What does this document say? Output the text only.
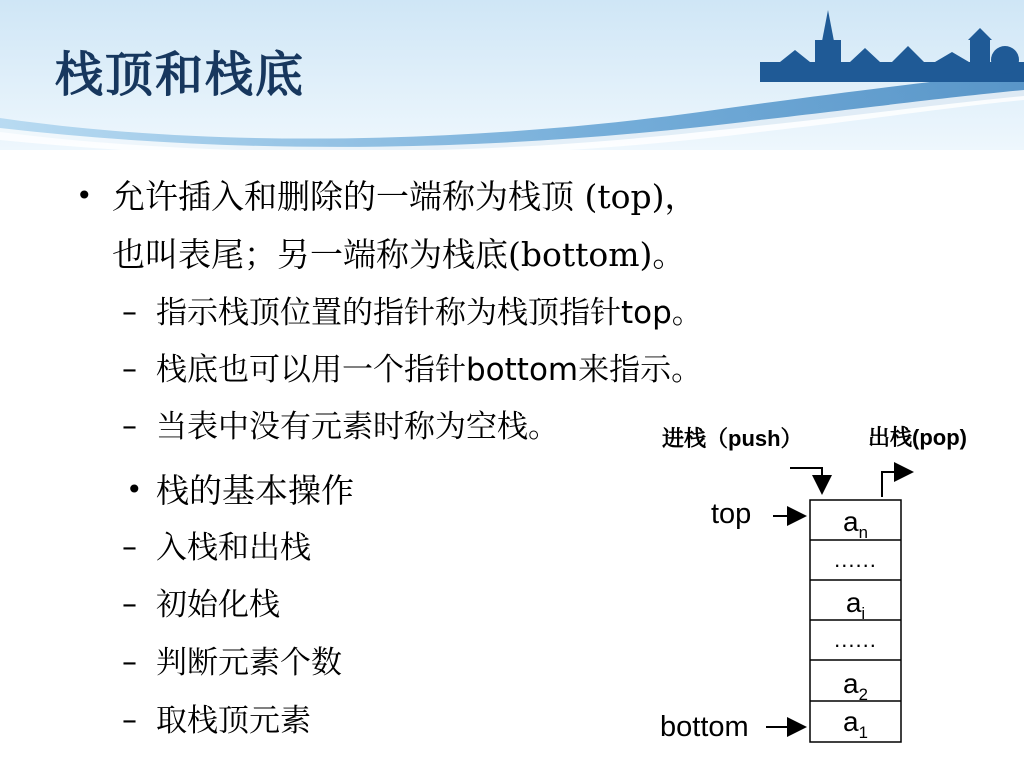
栈顶和栈底
• 允许插入和删除的一端称为栈顶 (top)，
也叫表尾；另一端称为栈底(bottom)。
– 指示栈顶位置的指针称为栈顶指针top。
– 栈底也可以用一个指针bottom来指示。
– 当表中没有元素时称为空栈。
• 栈的基本操作
– 入栈和出栈
– 初始化栈
– 判断元素个数
– 取栈顶元素
进栈（push）	出栈(pop)
top
bottom
$a_n$
......
$a_i$
......
$a_2$
$a_1$
